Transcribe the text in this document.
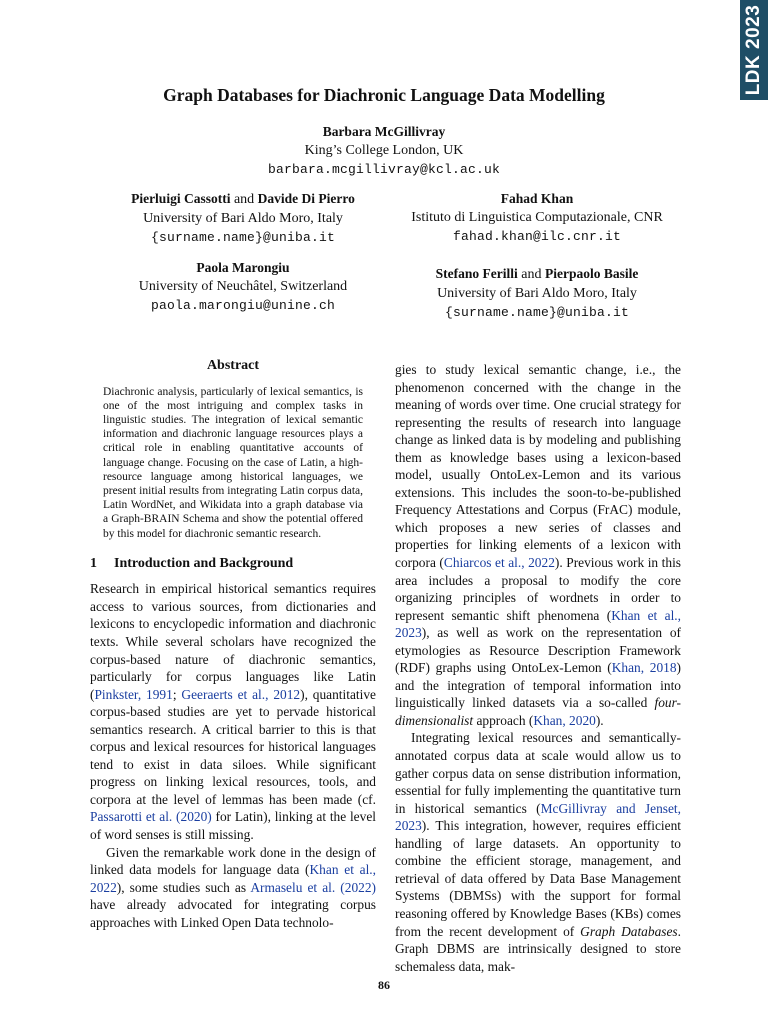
LDK 2023
Graph Databases for Diachronic Language Data Modelling
Barbara McGillivray
King’s College London, UK
barbara.mcgillivray@kcl.ac.uk
Pierluigi Cassotti and Davide Di Pierro
University of Bari Aldo Moro, Italy
{surname.name}@uniba.it
Fahad Khan
Istituto di Linguistica Computazionale, CNR
fahad.khan@ilc.cnr.it
Paola Marongiu
University of Neuchâtel, Switzerland
paola.marongiu@unine.ch
Stefano Ferilli and Pierpaolo Basile
University of Bari Aldo Moro, Italy
{surname.name}@uniba.it
Abstract

Diachronic analysis, particularly of lexical semantics, is one of the most intriguing and complex tasks in linguistic studies. The integration of lexical semantic information and diachronic language resources plays a critical role in enabling quantitative accounts of language change. Focusing on the case of Latin, a high-resource language among historical languages, we present initial results from integrating Latin corpus data, Latin WordNet, and Wikidata into a graph database via a Graph-BRAIN Schema and show the potential offered by this model for diachronic semantic research.

1 Introduction and Background

Research in empirical historical semantics requires access to various sources, from dictionaries and lexicons to encyclopedic information and diachronic texts. While several scholars have recognized the corpus-based nature of diachronic semantics, particularly for corpus languages like Latin (Pinkster, 1991; Geeraerts et al., 2012), quantitative corpus-based studies are yet to pervade historical semantics research. A critical barrier to this is that corpus and lexical resources for historical languages tend to exist in data siloes. While significant progress on linking lexical resources, tools, and corpora at the level of lemmas has been made (cf. Passarotti et al. (2020) for Latin), linking at the level of word senses is still missing.

Given the remarkable work done in the design of linked data models for language data (Khan et al., 2022), some studies such as Armaselu et al. (2022) have already advocated for integrating corpus approaches with Linked Open Data technolo-

gies to study lexical semantic change, i.e., the phenomenon concerned with the change in the meaning of words over time. One crucial strategy for representing the results of research into language change as linked data is by modeling and publishing them as knowledge bases using a lexicon-based model, usually OntoLex-Lemon and its various extensions. This includes the soon-to-be-published Frequency Attestations and Corpus (FrAC) module, which proposes a new series of classes and properties for linking elements of a lexicon with corpora (Chiarcos et al., 2022). Previous work in this area includes a proposal to modify the core organizing principles of wordnets in order to represent semantic shift phenomena (Khan et al., 2023), as well as work on the representation of etymologies as Resource Description Framework (RDF) graphs using OntoLex-Lemon (Khan, 2018) and the integration of temporal information into linguistically linked datasets via a so-called four-dimensionalist approach (Khan, 2020).

Integrating lexical resources and semantically-annotated corpus data at scale would allow us to gather corpus data on sense distribution information, essential for fully implementing the quantitative turn in historical semantics (McGillivray and Jenset, 2023). This integration, however, requires efficient handling of large datasets. An opportunity to combine the efficient storage, management, and retrieval of data offered by Data Base Management Systems (DBMSs) with the support for formal reasoning offered by Knowledge Bases (KBs) comes from the recent development of Graph Databases. Graph DBMS are intrinsically designed to store schemaless data, mak-

86
